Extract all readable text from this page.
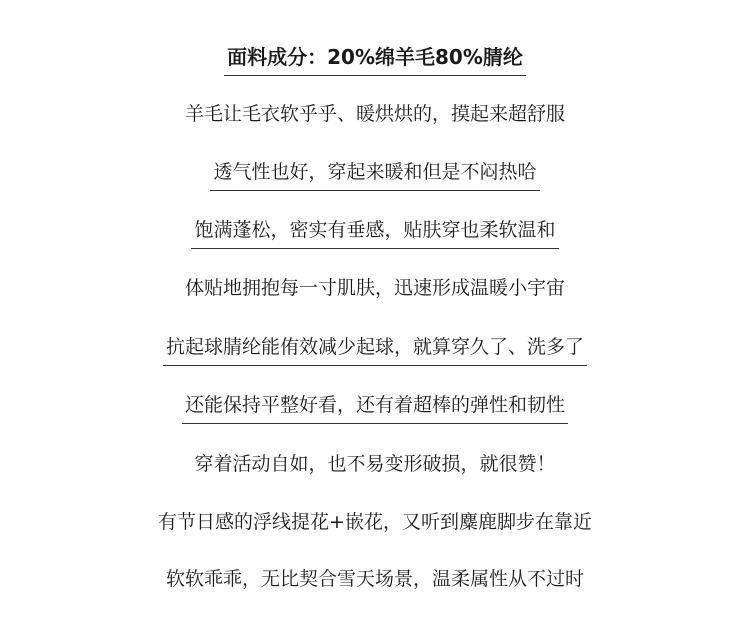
面料成分：20%绵羊毛80%腈纶
羊毛让毛衣软乎乎、暖烘烘的，摸起来超舒服
透气性也好，穿起来暖和但是不闷热哈
饱满蓬松，密实有垂感，贴肤穿也柔软温和
体贴地拥抱每一寸肌肤，迅速形成温暖小宇宙
抗起球腈纶能侑效减少起球，就算穿久了、洗多了
还能保持平整好看，还有着超棒的弹性和韧性
穿着活动自如，也不易变形破损，就很赞！
有节日感的浮线提花+嵌花，又听到麋鹿脚步在靠近
软软乖乖，无比契合雪天场景，温柔属性从不过时
